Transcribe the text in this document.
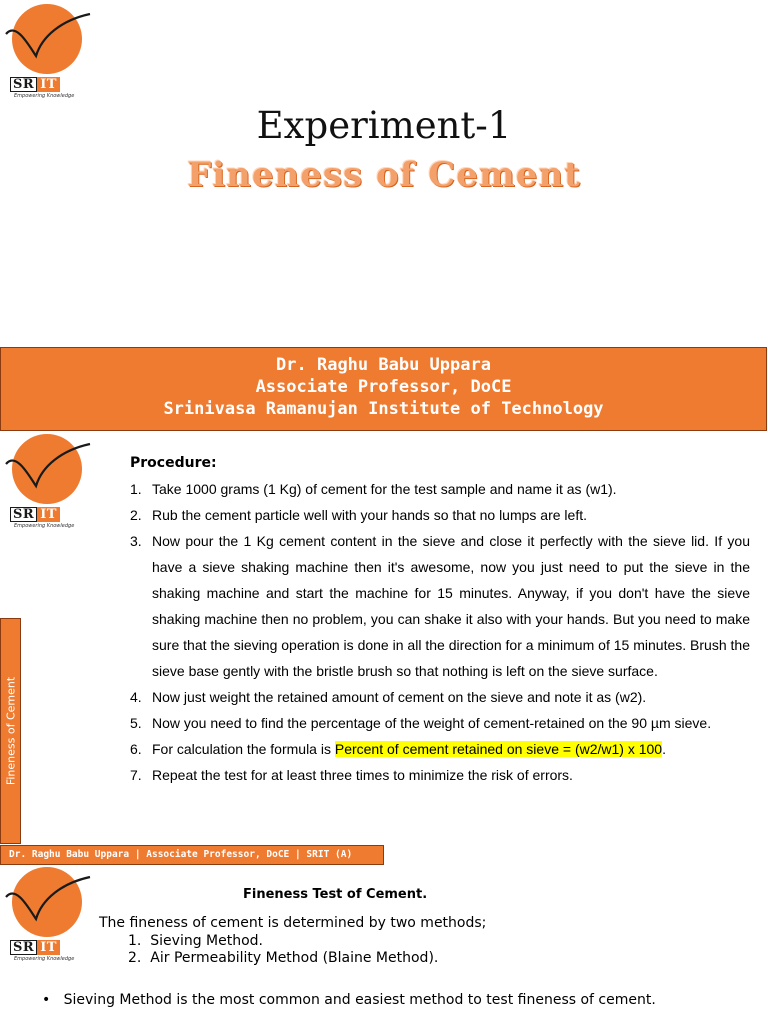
SR IT
Empowering Knowledge
Experiment-1
Fineness of Cement
Dr. Raghu Babu Uppara
Associate Professor, DoCE
Srinivasa Ramanujan Institute of Technology
SR IT
Empowering Knowledge
Fineness of Cement
Procedure:
1. Take 1000 grams (1 Kg) of cement for the test sample and name it as (w1).
2. Rub the cement particle well with your hands so that no lumps are left.
3. Now pour the 1 Kg cement content in the sieve and close it perfectly with the sieve lid. If you have a sieve shaking machine then it's awesome, now you just need to put the sieve in the shaking machine and start the machine for 15 minutes. Anyway, if you don't have the sieve shaking machine then no problem, you can shake it also with your hands. But you need to make sure that the sieving operation is done in all the direction for a minimum of 15 minutes. Brush the sieve base gently with the bristle brush so that nothing is left on the sieve surface.
4. Now just weight the retained amount of cement on the sieve and note it as (w2).
5. Now you need to find the percentage of the weight of cement-retained on the 90 µm sieve.
6. For calculation the formula is Percent of cement retained on sieve = (w2/w1) x 100.
7. Repeat the test for at least three times to minimize the risk of errors.
Dr. Raghu Babu Uppara | Associate Professor, DoCE | SRIT (A)
SR IT
Empowering Knowledge
Fineness Test of Cement.
The fineness of cement is determined by two methods;
1. Sieving Method.
2. Air Permeability Method (Blaine Method).
• Sieving Method is the most common and easiest method to test fineness of cement.
